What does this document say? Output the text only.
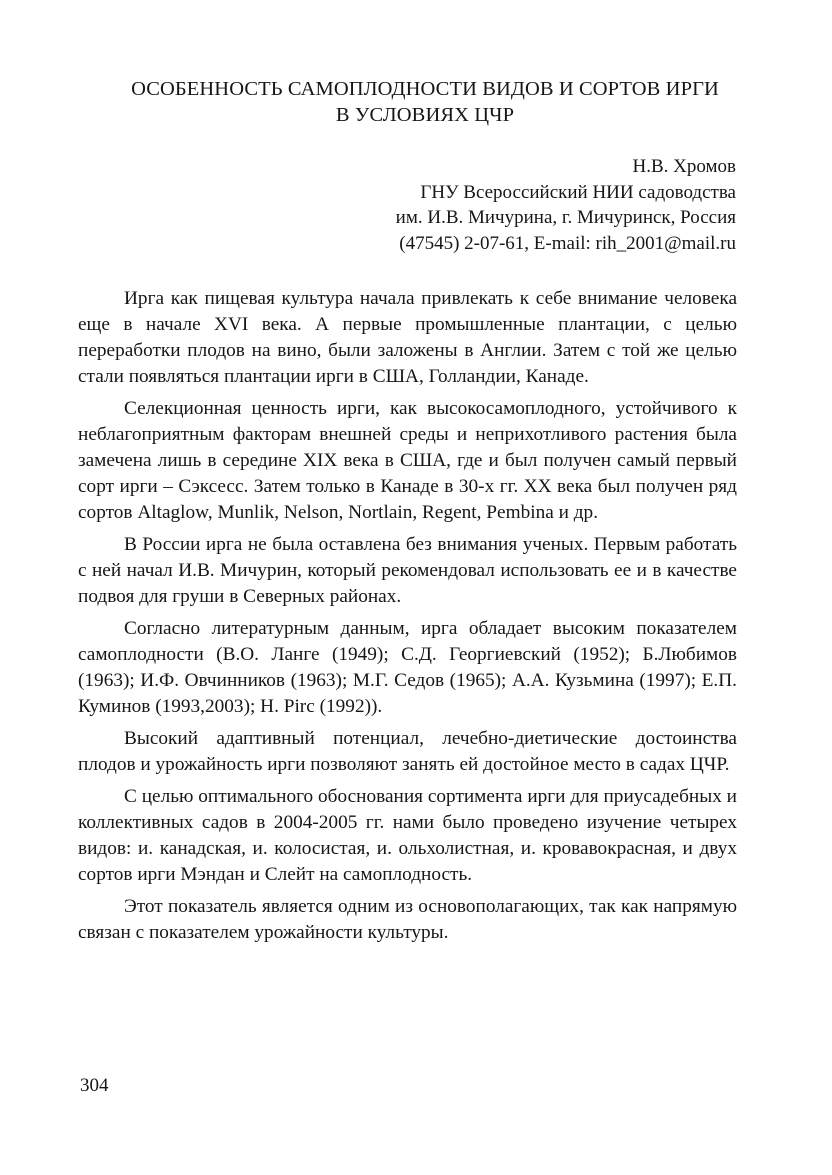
ОСОБЕННОСТЬ САМОПЛОДНОСТИ ВИДОВ И СОРТОВ ИРГИ
В УСЛОВИЯХ ЦЧР
Н.В. Хромов
ГНУ Всероссийский НИИ садоводства
им. И.В. Мичурина, г. Мичуринск, Россия
(47545) 2-07-61, E-mail: rih_2001@mail.ru

Ирга как пищевая культура начала привлекать к себе внимание человека еще в начале XVI века. А первые промышленные плантации, с целью переработки плодов на вино, были заложены в Англии. Затем с той же целью стали появляться плантации ирги в США, Голландии, Канаде.

Селекционная ценность ирги, как высокосамоплодного, устойчивого к неблагоприятным факторам внешней среды и неприхотливого растения была замечена лишь в середине XIX века в США, где и был получен самый первый сорт ирги – Сэксесс. Затем только в Канаде в 30-х гг. XX века был получен ряд сортов Altaglow, Munlik, Nelson, Nortlain, Regent, Pembina и др.

В России ирга не была оставлена без внимания ученых. Первым работать с ней начал И.В. Мичурин, который рекомендовал использовать ее и в качестве подвоя для груши в Северных районах.

Согласно литературным данным, ирга обладает высоким показателем самоплодности (В.О. Ланге (1949); С.Д. Георгиевский (1952); Б.Любимов (1963); И.Ф. Овчинников (1963); М.Г. Седов (1965); А.А. Кузьмина (1997); Е.П. Куминов (1993,2003); H. Pirc (1992)).

Высокий адаптивный потенциал, лечебно-диетические достоинства плодов и урожайность ирги позволяют занять ей достойное место в садах ЦЧР.

С целью оптимального обоснования сортимента ирги для приусадебных и коллективных садов в 2004-2005 гг. нами было проведено изучение четырех видов: и. канадская, и. колосистая, и. ольхолистная, и. кровавокрасная, и двух сортов ирги Мэндан и Слейт на самоплодность.

Этот показатель является одним из основополагающих, так как напрямую связан с показателем урожайности культуры.

304
